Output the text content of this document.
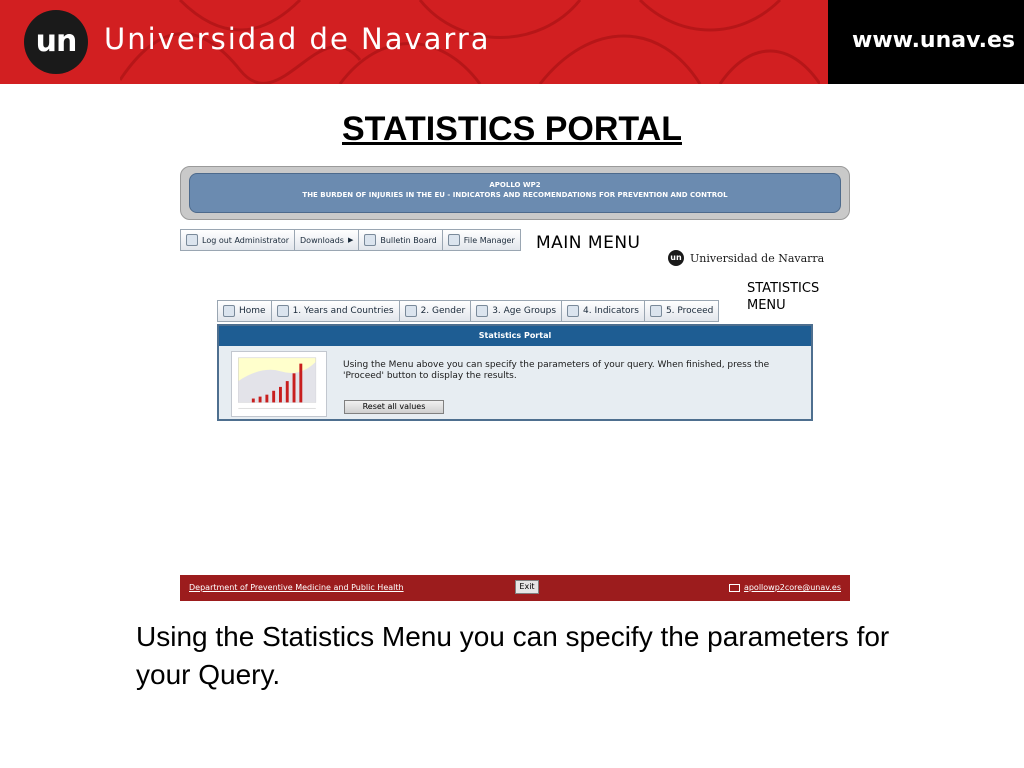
un Universidad de Navarra	www.unav.es
STATISTICS PORTAL
APOLLO WP2
THE BURDEN OF INJURIES IN THE EU - INDICATORS AND RECOMENDATIONS FOR PREVENTION AND CONTROL
Log out Administrator Downloads ▶	Bulletin Board	File Manager MAIN MENU
un Universidad de Navarra
STATISTICS
MENU
Home	1. Years and Countries	2. Gender	3. Age Groups	4. Indicators	5. Proceed
Statistics Portal
Using the Menu above you can specify the parameters of your query. When finished, press the 'Proceed' button to display the results.
Reset all values
Department of Preventive Medicine and Public Health	Exit	apollowp2core@unav.es
Using the Statistics Menu you can specify the parameters for your Query.
